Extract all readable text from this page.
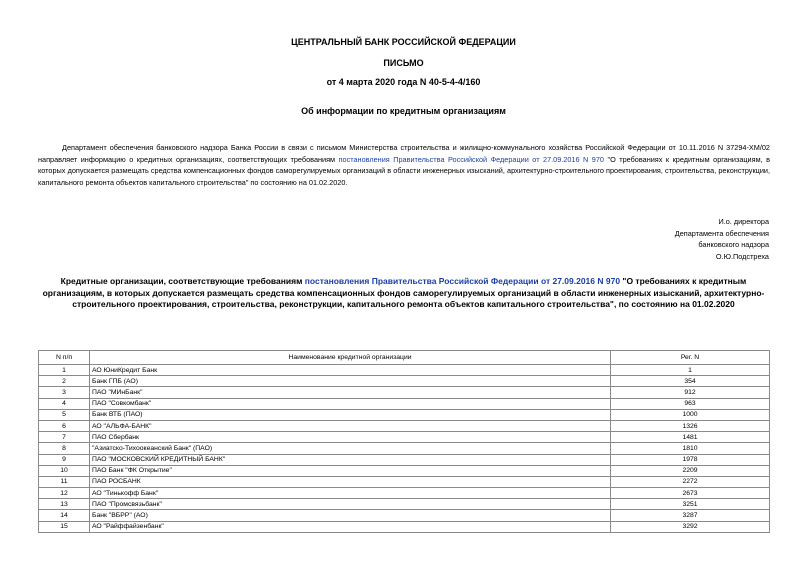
ЦЕНТРАЛЬНЫЙ БАНК РОССИЙСКОЙ ФЕДЕРАЦИИ
ПИСЬМО
от 4 марта 2020 года N 40-5-4-4/160
Об информации по кредитным организациям
Департамент обеспечения банковского надзора Банка России в связи с письмом Министерства строительства и жилищно-коммунального хозяйства Российской Федерации от 10.11.2016 N 37294-ХМ/02 направляет информацию о кредитных организациях, соответствующих требованиям постановления Правительства Российской Федерации от 27.09.2016 N 970 "О требованиях к кредитным организациям, в которых допускается размещать средства компенсационных фондов саморегулируемых организаций в области инженерных изысканий, архитектурно-строительного проектирования, строительства, реконструкции, капитального ремонта объектов капитального строительства" по состоянию на 01.02.2020.
И.о. директора
Департамента обеспечения
банковского надзора
О.Ю.Подстреха
Кредитные организации, соответствующие требованиям постановления Правительства Российской Федерации от 27.09.2016 N 970 "О требованиях к кредитным организациям, в которых допускается размещать средства компенсационных фондов саморегулируемых организаций в области инженерных изысканий, архитектурно-строительного проектирования, строительства, реконструкции, капитального ремонта объектов капитального строительства", по состоянию на 01.02.2020
N п/п	Наименование кредитной организации	Рег. N
1	АО ЮниКредит Банк	1
2	Банк ГПБ (АО)	354
3	ПАО "МИнБанк"	912
4	ПАО "Совкомбанк"	963
5	Банк ВТБ (ПАО)	1000
6	АО "АЛЬФА-БАНК"	1326
7	ПАО Сбербанк	1481
8	"Азиатско-Тихоокеанский Банк" (ПАО)	1810
9	ПАО "МОСКОВСКИЙ КРЕДИТНЫЙ БАНК"	1978
10	ПАО Банк "ФК Открытие"	2209
11	ПАО РОСБАНК	2272
12	АО "Тинькофф Банк"	2673
13	ПАО "Промсвязьбанк"	3251
14	Банк "ВБРР" (АО)	3287
15	АО "Райффайзенбанк"	3292
